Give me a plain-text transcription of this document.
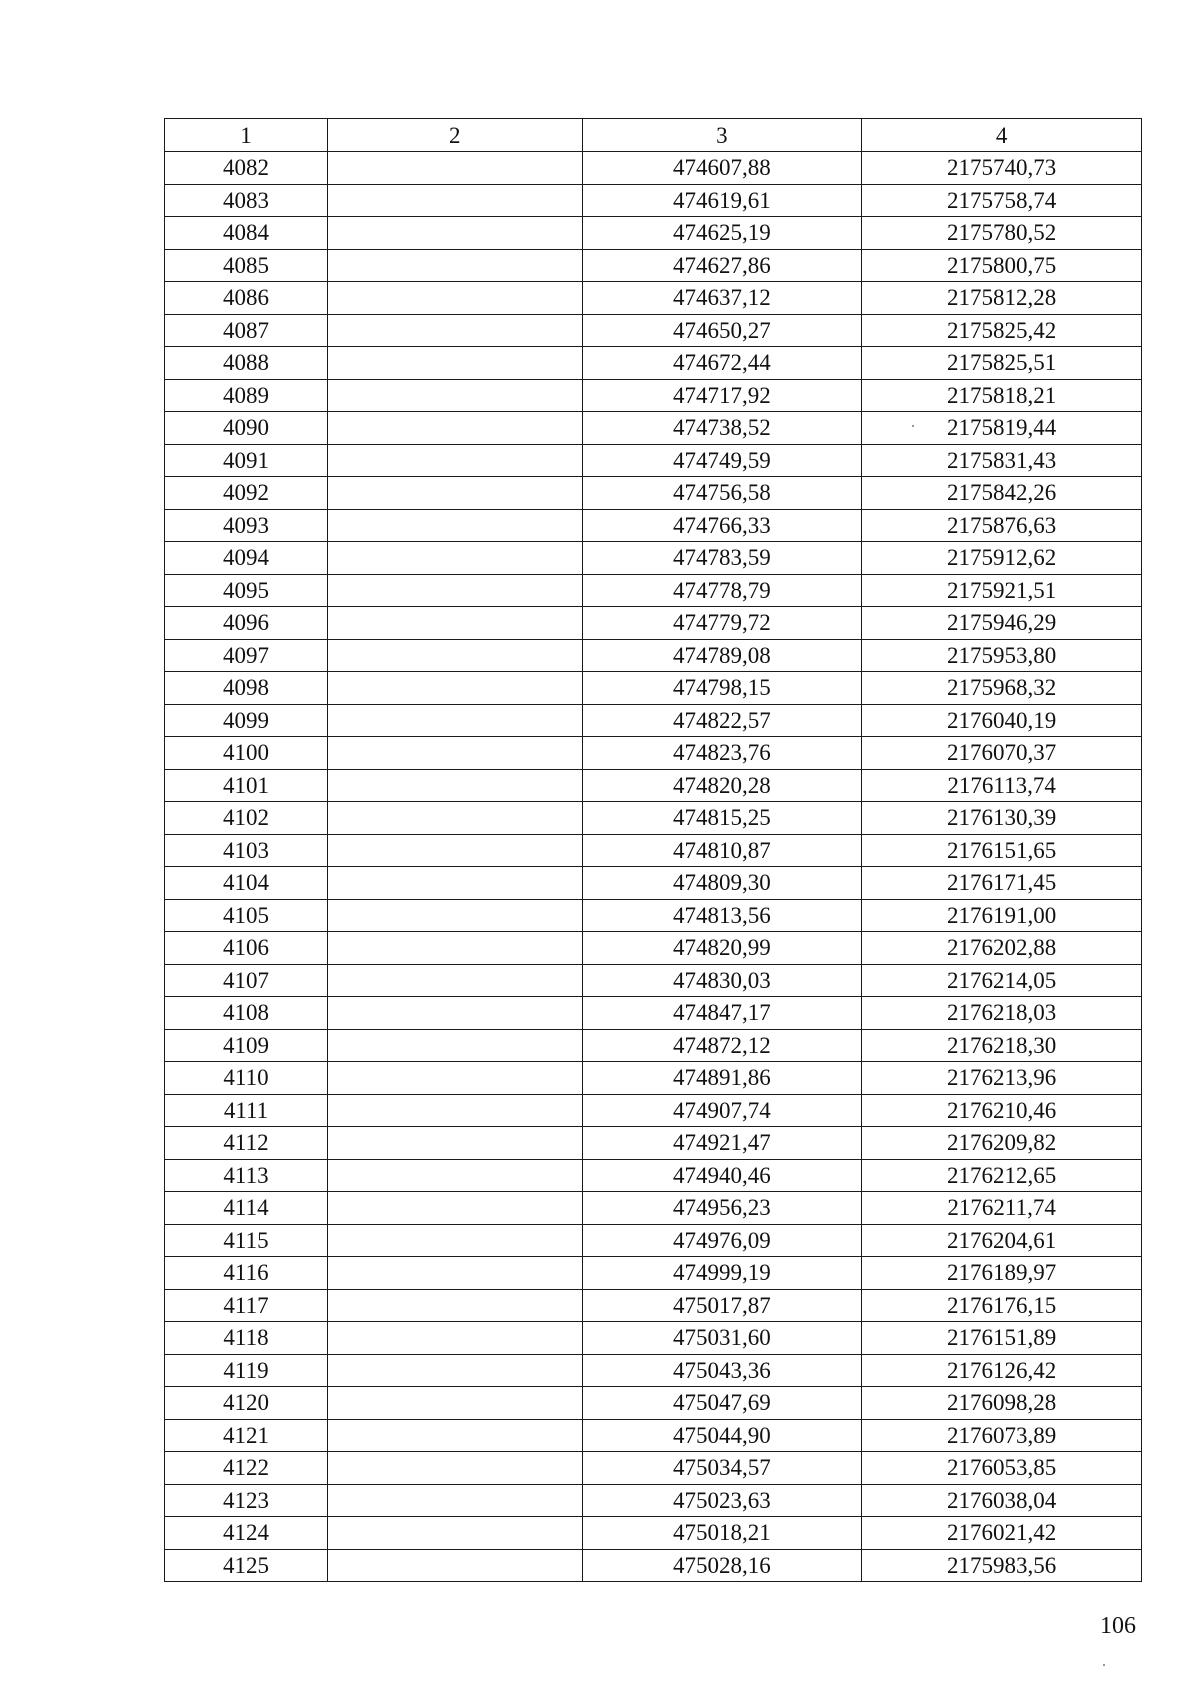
1	2	3	4
4082		474607,88	2175740,73
4083		474619,61	2175758,74
4084		474625,19	2175780,52
4085		474627,86	2175800,75
4086		474637,12	2175812,28
4087		474650,27	2175825,42
4088		474672,44	2175825,51
4089		474717,92	2175818,21
4090		474738,52	2175819,44
4091		474749,59	2175831,43
4092		474756,58	2175842,26
4093		474766,33	2175876,63
4094		474783,59	2175912,62
4095		474778,79	2175921,51
4096		474779,72	2175946,29
4097		474789,08	2175953,80
4098		474798,15	2175968,32
4099		474822,57	2176040,19
4100		474823,76	2176070,37
4101		474820,28	2176113,74
4102		474815,25	2176130,39
4103		474810,87	2176151,65
4104		474809,30	2176171,45
4105		474813,56	2176191,00
4106		474820,99	2176202,88
4107		474830,03	2176214,05
4108		474847,17	2176218,03
4109		474872,12	2176218,30
4110		474891,86	2176213,96
4111		474907,74	2176210,46
4112		474921,47	2176209,82
4113		474940,46	2176212,65
4114		474956,23	2176211,74
4115		474976,09	2176204,61
4116		474999,19	2176189,97
4117		475017,87	2176176,15
4118		475031,60	2176151,89
4119		475043,36	2176126,42
4120		475047,69	2176098,28
4121		475044,90	2176073,89
4122		475034,57	2176053,85
4123		475023,63	2176038,04
4124		475018,21	2176021,42
4125		475028,16	2175983,56
106
